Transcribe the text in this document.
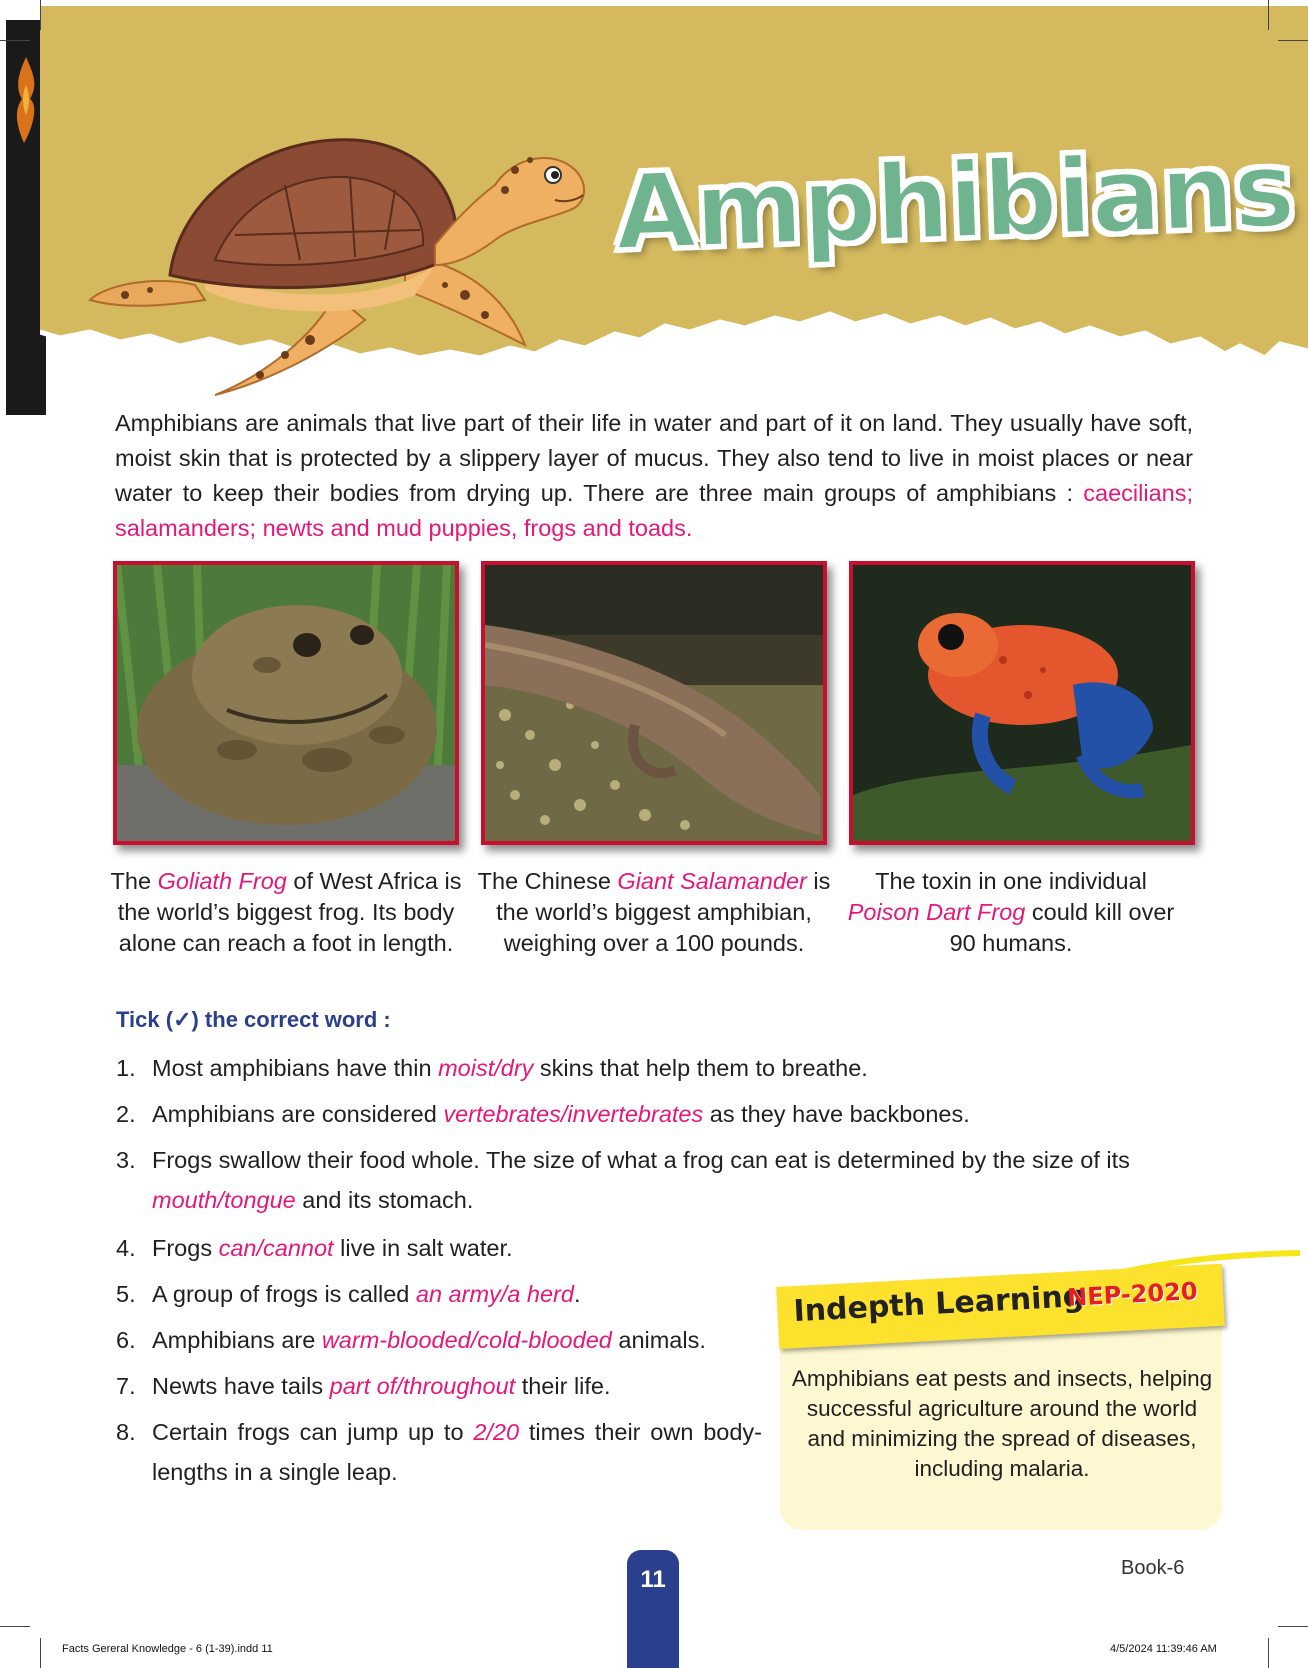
Amphibians

Amphibians are animals that live part of their life in water and part of it on land. They usually have soft, moist skin that is protected by a slippery layer of mucus. They also tend to live in moist places or near water to keep their bodies from drying up. There are three main groups of amphibians : caecilians; salamanders; newts and mud puppies, frogs and toads.

The Goliath Frog of West Africa is the world’s biggest frog. Its body alone can reach a foot in length.

The Chinese Giant Salamander is the world’s biggest amphibian, weighing over a 100 pounds.

The toxin in one individual Poison Dart Frog could kill over 90 humans.

Tick (✓) the correct word :
1. Most amphibians have thin moist/dry skins that help them to breathe.
2. Amphibians are considered vertebrates/invertebrates as they have backbones.
3. Frogs swallow their food whole. The size of what a frog can eat is determined by the size of its mouth/tongue and its stomach.
4. Frogs can/cannot live in salt water.
5. A group of frogs is called an army/a herd.
6. Amphibians are warm-blooded/cold-blooded animals.
7. Newts have tails part of/throughout their life.
8. Certain frogs can jump up to 2/20 times their own body-lengths in a single leap.
Indepth Learning
NEP-2020
Amphibians eat pests and insects, helping successful agriculture around the world and minimizing the spread of diseases, including malaria.
11	Book-6
Facts Gereral Knowledge - 6 (1-39).indd 11	4/5/2024 11:39:46 AM
